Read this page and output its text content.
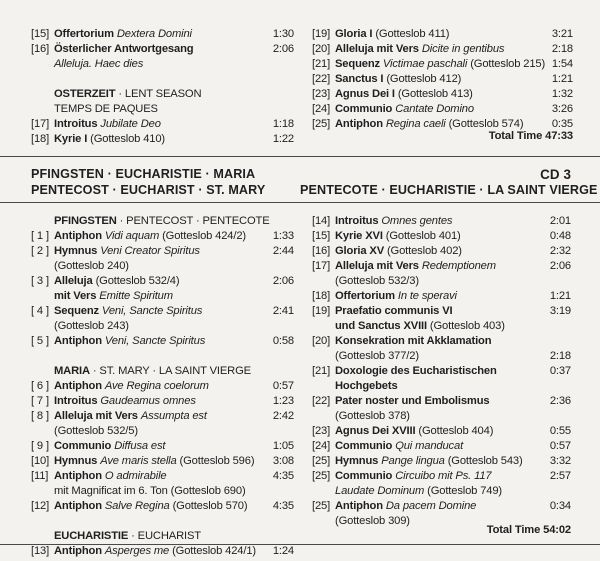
[15] Offertorium Dextera Domini	1:30
[16] Österlicher Antwortgesang	2:06
Alleluja. Haec dies
OSTERZEIT · LENT SEASON
TEMPS DE PAQUES
[17] Introitus Jubilate Deo	1:18
[18] Kyrie I (Gotteslob 410)	1:22
[19] Gloria I (Gotteslob 411)	3:21
[20] Alleluja mit Vers Dicite in gentibus	2:18
[21] Sequenz Victimae paschali (Gotteslob 215) 1:54
[22] Sanctus I (Gotteslob 412)	1:21
[23] Agnus Dei I (Gotteslob 413)	1:32
[24] Communio Cantate Domino	3:26
[25] Antiphon Regina caeli (Gotteslob 574)	0:35
Total Time 47:33
PFINGSTEN · EUCHARISTIE · MARIA	CD 3
PENTECOST · EUCHARIST · ST. MARY	PENTECOTE · EUCHARISTIE · LA SAINT VIERGE
PFINGSTEN · PENTECOST · PENTECOTE
[ 1 ] Antiphon Vidi aquam (Gotteslob 424/2) 1:33
[ 2 ] Hymnus Veni Creator Spiritus	2:44
(Gotteslob 240)
[ 3 ] Alleluja (Gotteslob 532/4)	2:06
mit Vers Emitte Spiritum
[ 4 ] Sequenz Veni, Sancte Spiritus	2:41
(Gotteslob 243)
[ 5 ] Antiphon Veni, Sancte Spiritus	0:58
MARIA · ST. MARY · LA SAINT VIERGE
[ 6 ] Antiphon Ave Regina coelorum	0:57
[ 7 ] Introitus Gaudeamus omnes	1:23
[ 8 ] Alleluja mit Vers Assumpta est	2:42
(Gotteslob 532/5)
[ 9 ] Communio Diffusa est	1:05
[10] Hymnus Ave maris stella (Gotteslob 596) 3:08
[11] Antiphon O admirabile	4:35
mit Magnificat im 6. Ton (Gotteslob 690)
[12] Antiphon Salve Regina (Gotteslob 570) 4:35
EUCHARISTIE · EUCHARIST
[13] Antiphon Asperges me (Gotteslob 424/1) 1:24
[14] Introitus Omnes gentes	2:01
[15] Kyrie XVI (Gotteslob 401)	0:48
[16] Gloria XV (Gotteslob 402)	2:32
[17] Alleluja mit Vers Redemptionem	2:06
(Gotteslob 532/3)
[18] Offertorium In te speravi	1:21
[19] Praefatio communis VI	3:19
und Sanctus XVIII (Gotteslob 403)
[20] Konsekration mit Akklamation
(Gotteslob 377/2)	2:18
[21] Doxologie des Eucharistischen	0:37
Hochgebets
[22] Pater noster und Embolismus	2:36
(Gotteslob 378)
[23] Agnus Dei XVIII (Gotteslob 404)	0:55
[24] Communio Qui manducat	0:57
[25] Hymnus Pange lingua (Gotteslob 543) 3:32
[25] Communio Circuibo mit Ps. 117	2:57
Laudate Dominum (Gotteslob 749)
[25] Antiphon Da pacem Domine	0:34
(Gotteslob 309)
Total Time 54:02
